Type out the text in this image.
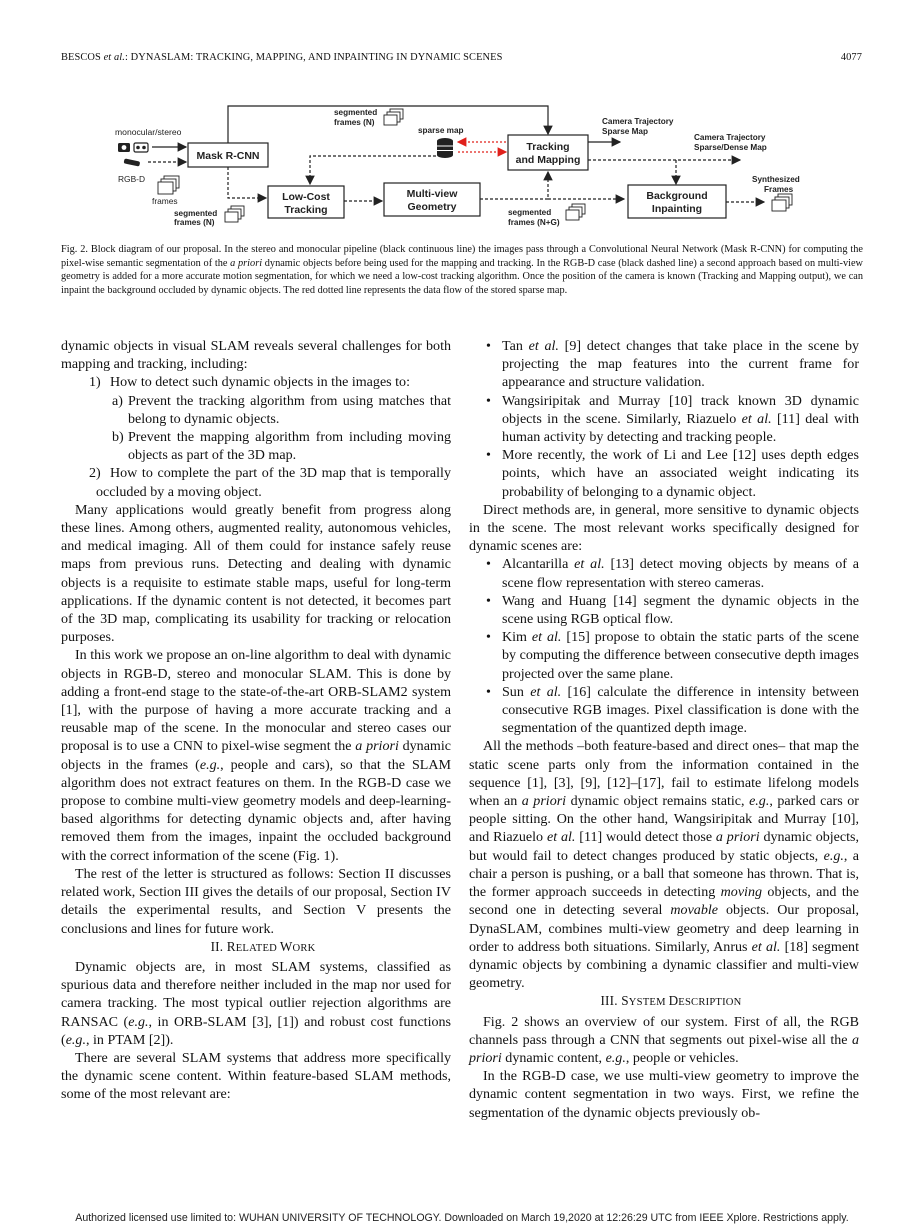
BESCOS et al.: DYNASLAM: TRACKING, MAPPING, AND INPAINTING IN DYNAMIC SCENES	4077
monocular/stereo
RGB-D
frames
Mask R-CNN
segmented
frames (N)
segmented
frames (N)
sparse map
Tracking
and Mapping
Camera Trajectory
Sparse Map
Camera Trajectory
Sparse/Dense Map
Low-Cost
Tracking
Multi-view
Geometry	segmented
frames (N+G)
Background
Inpainting
Synthesized
Frames
Fig. 2. Block diagram of our proposal. In the stereo and monocular pipeline (black continuous line) the images pass through a Convolutional Neural Network (Mask R-CNN) for computing the pixel-wise semantic segmentation of the a priori dynamic objects before being used for the mapping and tracking. In the RGB-D case (black dashed line) a second approach based on multi-view geometry is added for a more accurate motion segmentation, for which we need a low-cost tracking algorithm. Once the position of the camera is known (Tracking and Mapping output), we can inpaint the background occluded by dynamic objects. The red dotted line represents the data flow of the stored sparse map.

dynamic objects in visual SLAM reveals several challenges for both mapping and tracking, including:

1) How to detect such dynamic objects in the images to:

a) Prevent the tracking algorithm from using matches that belong to dynamic objects.

b) Prevent the mapping algorithm from including moving objects as part of the 3D map.

2) How to complete the part of the 3D map that is temporally occluded by a moving object.

Many applications would greatly benefit from progress along these lines. Among others, augmented reality, autonomous vehicles, and medical imaging. All of them could for instance safely reuse maps from previous runs. Detecting and dealing with dynamic objects is a requisite to estimate stable maps, useful for long-term applications. If the dynamic content is not detected, it becomes part of the 3D map, complicating its usability for tracking or relocation purposes.

In this work we propose an on-line algorithm to deal with dynamic objects in RGB-D, stereo and monocular SLAM. This is done by adding a front-end stage to the state-of-the-art ORB-SLAM2 system [1], with the purpose of having a more accurate tracking and a reusable map of the scene. In the monocular and stereo cases our proposal is to use a CNN to pixel-wise segment the a priori dynamic objects in the frames (e.g., people and cars), so that the SLAM algorithm does not extract features on them. In the RGB-D case we propose to combine multi-view geometry models and deep-learning-based algorithms for detecting dynamic objects and, after having removed them from the images, inpaint the occluded background with the correct information of the scene (Fig. 1).

The rest of the letter is structured as follows: Section II discusses related work, Section III gives the details of our proposal, Section IV details the experimental results, and Section V presents the conclusions and lines for future work.

II. RELATED WORK

Dynamic objects are, in most SLAM systems, classified as spurious data and therefore neither included in the map nor used for camera tracking. The most typical outlier rejection algorithms are RANSAC (e.g., in ORB-SLAM [3], [1]) and robust cost functions (e.g., in PTAM [2]).

There are several SLAM systems that address more specifically the dynamic scene content. Within feature-based SLAM methods, some of the most relevant are:

• Tan et al. [9] detect changes that take place in the scene by projecting the map features into the current frame for appearance and structure validation.

• Wangsiripitak and Murray [10] track known 3D dynamic objects in the scene. Similarly, Riazuelo et al. [11] deal with human activity by detecting and tracking people.

• More recently, the work of Li and Lee [12] uses depth edges points, which have an associated weight indicating its probability of belonging to a dynamic object.

Direct methods are, in general, more sensitive to dynamic objects in the scene. The most relevant works specifically designed for dynamic scenes are:

• Alcantarilla et al. [13] detect moving objects by means of a scene flow representation with stereo cameras.

• Wang and Huang [14] segment the dynamic objects in the scene using RGB optical flow.

• Kim et al. [15] propose to obtain the static parts of the scene by computing the difference between consecutive depth images projected over the same plane.

• Sun et al. [16] calculate the difference in intensity between consecutive RGB images. Pixel classification is done with the segmentation of the quantized depth image.

All the methods –both feature-based and direct ones– that map the static scene parts only from the information contained in the sequence [1], [3], [9], [12]–[17], fail to estimate lifelong models when an a priori dynamic object remains static, e.g., parked cars or people sitting. On the other hand, Wangsiripitak and Murray [10], and Riazuelo et al. [11] would detect those a priori dynamic objects, but would fail to detect changes produced by static objects, e.g., a chair a person is pushing, or a ball that someone has thrown. That is, the former approach succeeds in detecting moving objects, and the second one in detecting several movable objects. Our proposal, DynaSLAM, combines multi-view geometry and deep learning in order to address both situations. Similarly, Anrus et al. [18] segment dynamic objects by combining a dynamic classifier and multi-view geometry.

III. SYSTEM DESCRIPTION

Fig. 2 shows an overview of our system. First of all, the RGB channels pass through a CNN that segments out pixel-wise all the a priori dynamic content, e.g., people or vehicles.

In the RGB-D case, we use multi-view geometry to improve the dynamic content segmentation in two ways. First, we refine the segmentation of the dynamic objects previously ob-

Authorized licensed use limited to: WUHAN UNIVERSITY OF TECHNOLOGY. Downloaded on March 19,2020 at 12:26:29 UTC from IEEE Xplore. Restrictions apply.
